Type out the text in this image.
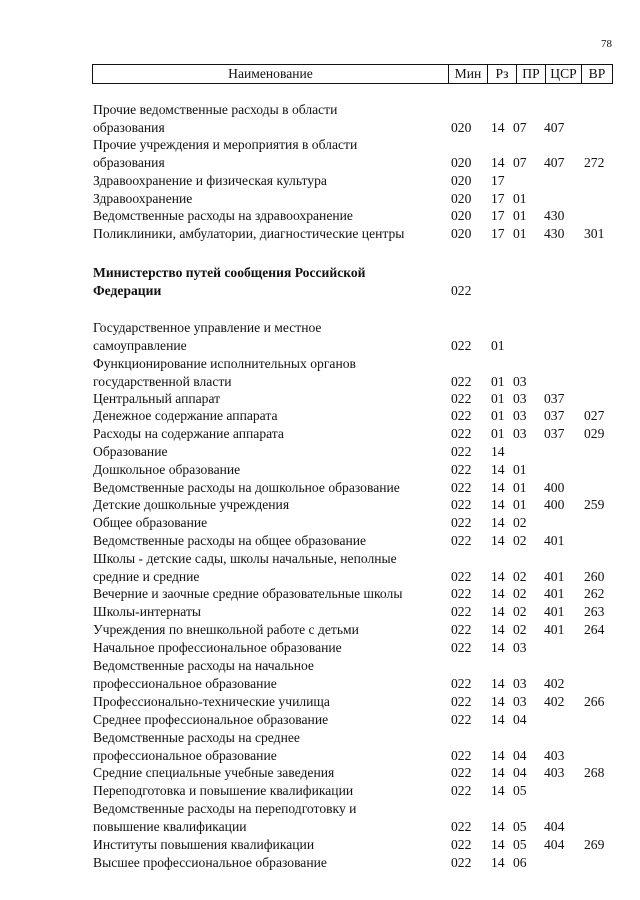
78
Наименование	Мин	Рз	ПР ЦСР ВР
Прочие ведомственные расходы в области
образования	020 14 07 407
Прочие учреждения и мероприятия в области
образования	020 14 07 407 272
Здравоохранение и физическая культура	020 17
Здравоохранение	020 17 01
Ведомственные расходы на здравоохранение	020 17 01 430
Поликлиники, амбулатории, диагностические центры	020 17 01 430 301
Министерство путей сообщения Российской
Федерации	022
Государственное управление и местное
самоуправление	022 01
Функционирование исполнительных органов
государственной власти	022 01 03
Центральный аппарат	022 01 03 037
Денежное содержание аппарата	022 01 03 037 027
Расходы на содержание аппарата	022 01 03 037 029
Образование	022 14
Дошкольное образование	022 14 01
Ведомственные расходы на дошкольное образование	022 14 01 400
Детские дошкольные учреждения	022 14 01 400 259
Общее образование	022 14 02
Ведомственные расходы на общее образование	022 14 02 401
Школы - детские сады, школы начальные, неполные
средние и средние	022 14 02 401 260
Вечерние и заочные средние образовательные школы	022 14 02 401 262
Школы-интернаты	022 14 02 401 263
Учреждения по внешкольной работе с детьми	022 14 02 401 264
Начальное профессиональное образование	022 14 03
Ведомственные расходы на начальное
профессиональное образование	022 14 03 402
Профессионально-технические училища	022 14 03 402 266
Среднее профессиональное образование	022 14 04
Ведомственные расходы на среднее
профессиональное образование	022 14 04 403
Средние специальные учебные заведения	022 14 04 403 268
Переподготовка и повышение квалификации	022 14 05
Ведомственные расходы на переподготовку и
повышение квалификации	022 14 05 404
Институты повышения квалификации	022 14 05 404 269
Высшее профессиональное образование	022 14 06
